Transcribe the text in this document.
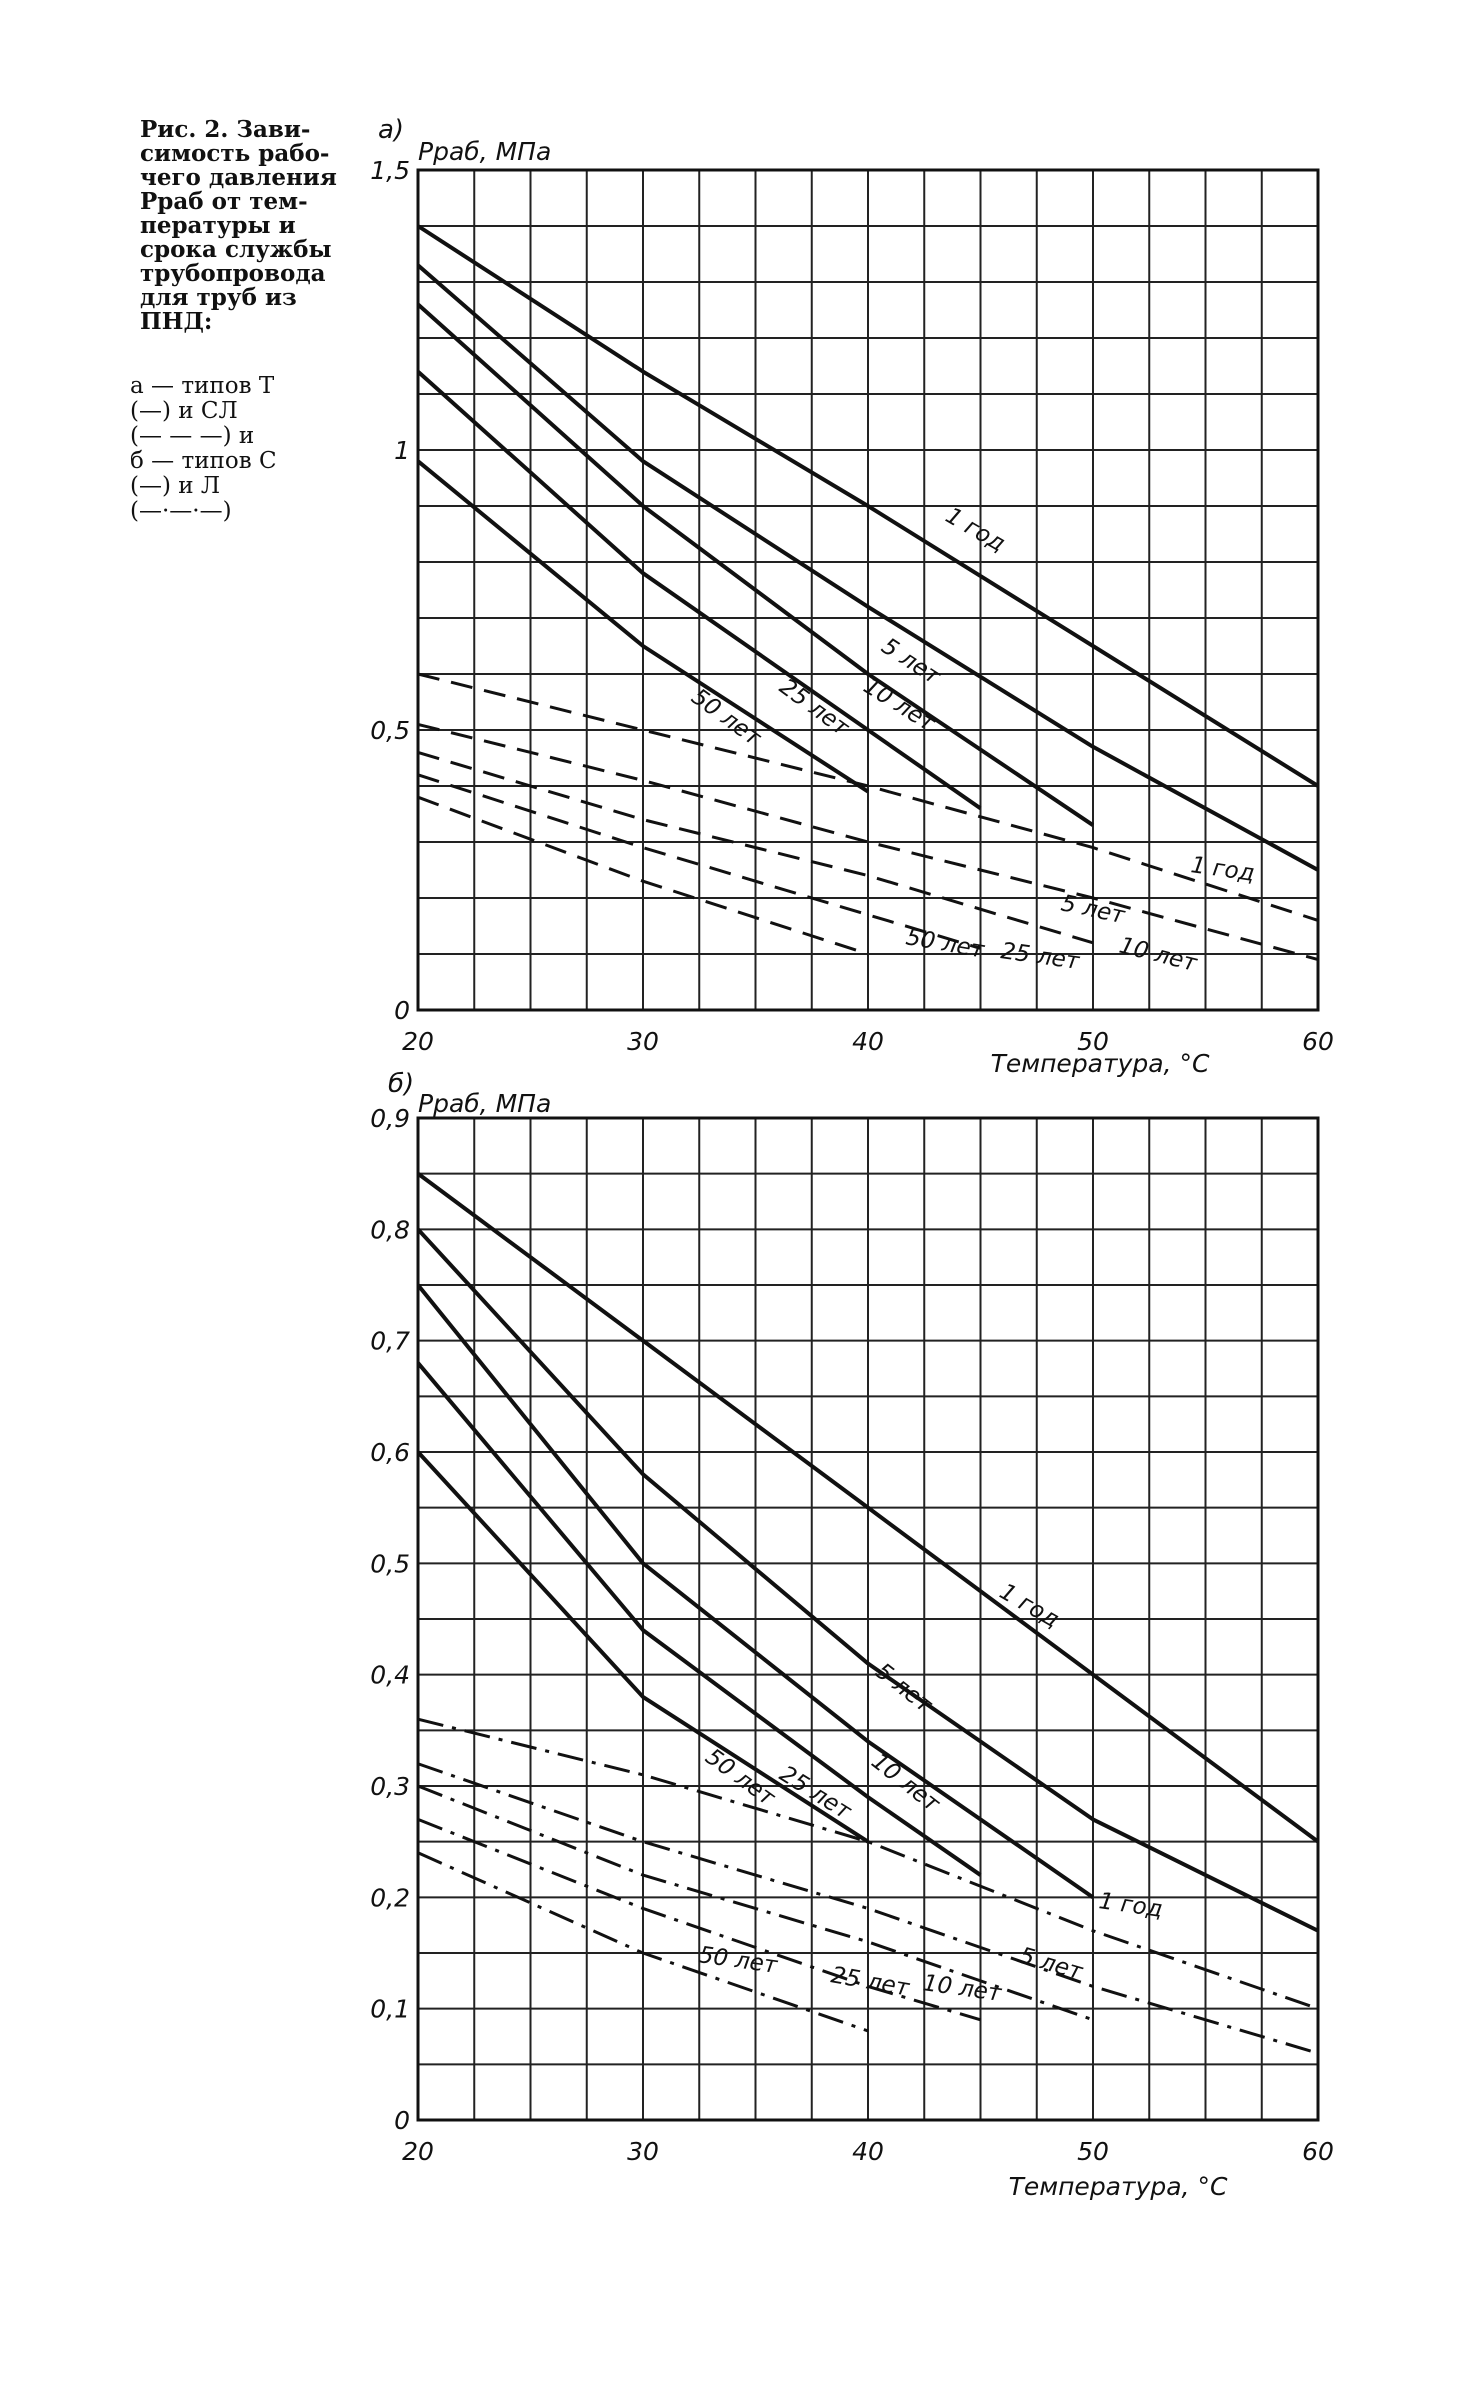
Рис. 2. Зави-
симость рабо-
чего давления
Pраб от тем-
пературы и
срока службы
трубопровода
для труб из
ПНД:
а — типов Т
(—) и СЛ
(— — —) и
б — типов С
(—) и Л
(—·—·—)
20	30	40	50	60
0
0,5
1
1,5
а)
Pраб, МПа
Температура, °С
1 год
5 лет
10 лет
25 лет
50 лет
1 год
5 лет
10 лет
25 лет
50 лет
20	30	40	50	60
0
0,1
0,2
0,3
0,4
0,5
0,6
0,7
0,8
0,9
б)
Pраб, МПа
Температура, °С
1 год
5 лет
10 лет
25 лет
50 лет
1 год
5 лет
10 лет
25 лет
50 лет
